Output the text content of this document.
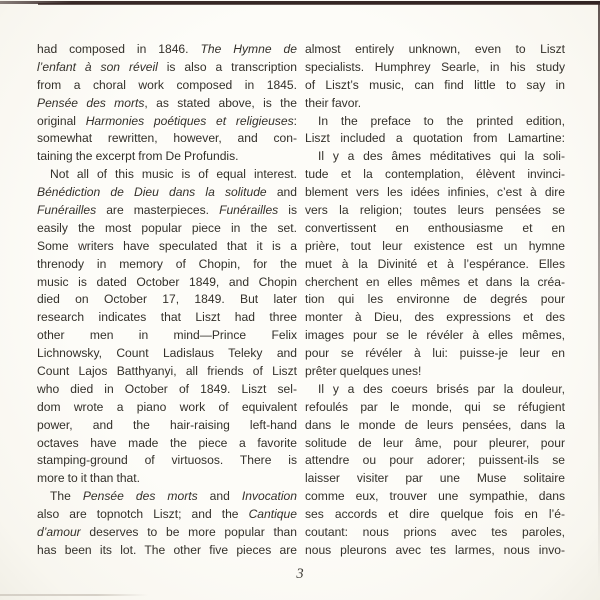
had composed in 1846. The Hymne de
l’enfant à son réveil is also a transcription
from a choral work composed in 1845.
Pensée des morts, as stated above, is the
original Harmonies poétiques et religieuses:
somewhat rewritten, however, and con-
taining the excerpt from De Profundis.
Not all of this music is of equal interest.
Bénédiction de Dieu dans la solitude and
Funérailles are masterpieces. Funérailles is
easily the most popular piece in the set.
Some writers have speculated that it is a
threnody in memory of Chopin, for the
music is dated October 1849, and Chopin
died on October 17, 1849. But later
research indicates that Liszt had three
other men in mind—Prince Felix
Lichnowsky, Count Ladislaus Teleky and
Count Lajos Batthyanyi, all friends of Liszt
who died in October of 1849. Liszt sel-
dom wrote a piano work of equivalent
power, and the hair-raising left-hand
octaves have made the piece a favorite
stamping-ground of virtuosos. There is
more to it than that.
The Pensée des morts and Invocation
also are topnotch Liszt; and the Cantique
d’amour deserves to be more popular than
has been its lot. The other five pieces are
almost entirely unknown, even to Liszt
specialists. Humphrey Searle, in his study
of Liszt’s music, can find little to say in
their favor.
In the preface to the printed edition,
Liszt included a quotation from Lamartine:
Il y a des âmes méditatives qui la soli-
tude et la contemplation, élèvent invinci-
blement vers les idées infinies, c’est à dire
vers la religion; toutes leurs pensées se
convertissent en enthousiasme et en
prière, tout leur existence est un hymne
muet à la Divinité et à l’espérance. Elles
cherchent en elles mêmes et dans la créa-
tion qui les environne de degrés pour
monter à Dieu, des expressions et des
images pour se le révéler à elles mêmes,
pour se révéler à lui: puisse-je leur en
prêter quelques unes!
Il y a des coeurs brisés par la douleur,
refoulés par le monde, qui se réfugient
dans le monde de leurs pensées, dans la
solitude de leur âme, pour pleurer, pour
attendre ou pour adorer; puissent-ils se
laisser visiter par une Muse solitaire
comme eux, trouver une sympathie, dans
ses accords et dire quelque fois en l’é-
coutant: nous prions avec tes paroles,
nous pleurons avec tes larmes, nous invo-
3
